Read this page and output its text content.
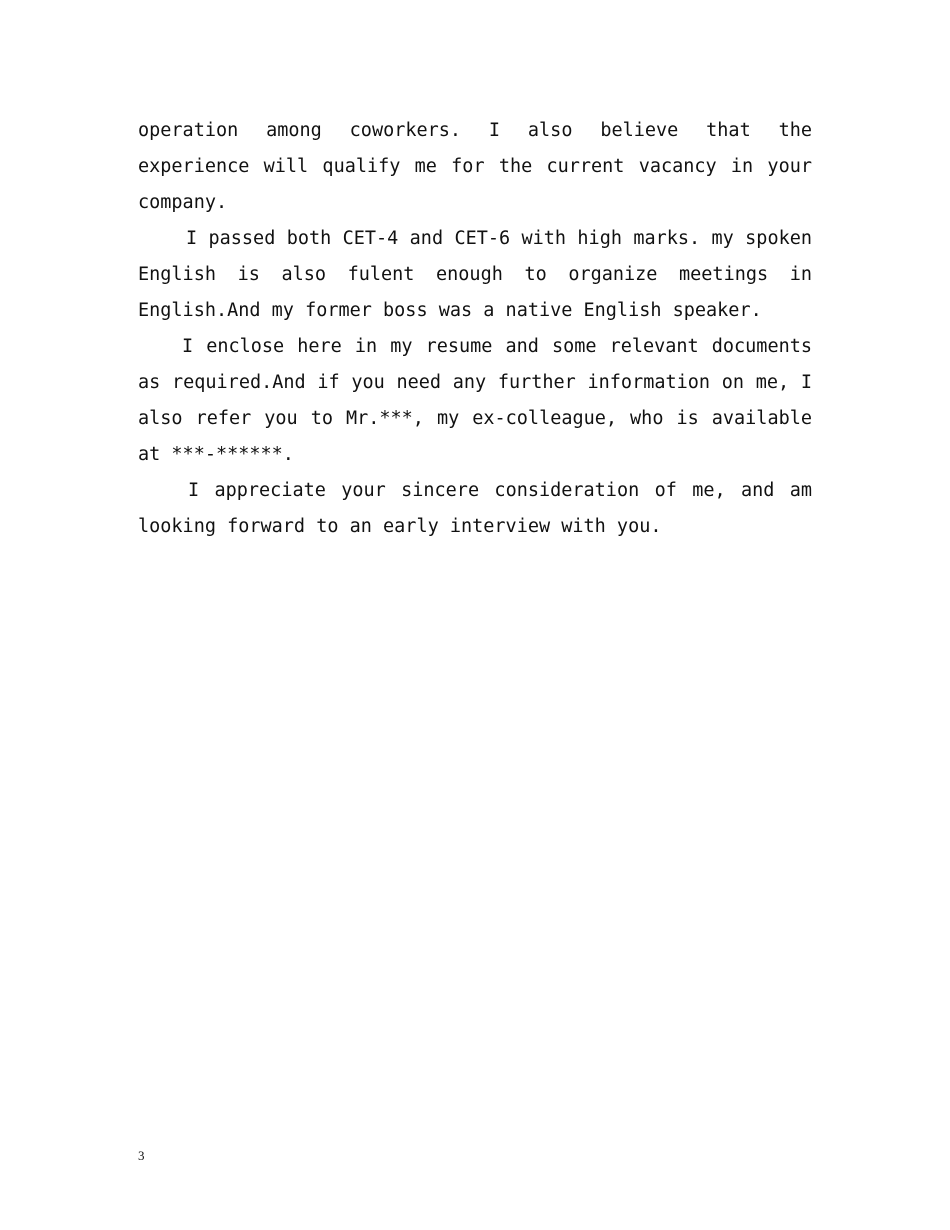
operation among coworkers. I also believe that the experience will qualify me for the current vacancy in your company.

I passed both CET-4 and CET-6 with high marks. my spoken English is also fulent enough to organize meetings in English.And my former boss was a native English speaker.

I enclose here in my resume and some relevant documents as required.And if you need any further information on me, I also refer you to Mr.***, my ex-colleague, who is available at ***-******.

I appreciate your sincere consideration of me, and am looking forward to an early interview with you.

3
